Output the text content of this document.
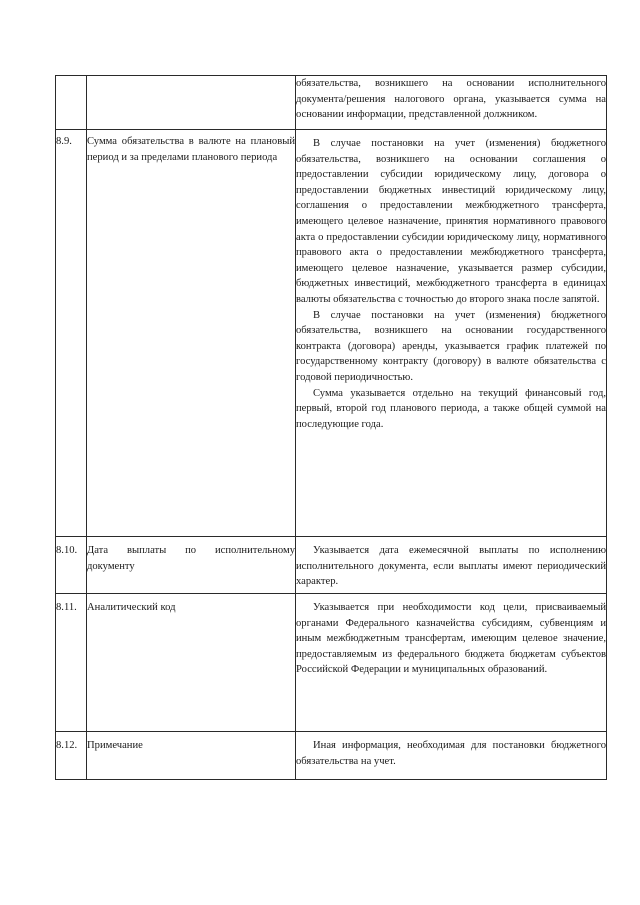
		обязательства, возникшего на основании исполнительного документа/решения налогового органа, указывается сумма на основании информации, представленной должником.

8.9.	Сумма обязательства в валюте на плановый период и за пределами планового периода	В случае постановки на учет (изменения) бюджетного обязательства, возникшего на основании соглашения о предоставлении субсидии юридическому лицу, договора о предоставлении бюджетных инвестиций юридическому лицу, соглашения о предоставлении межбюджетного трансферта, имеющего целевое назначение, принятия нормативного правового акта о предоставлении субсидии юридическому лицу, нормативного правового акта о предоставлении межбюджетного трансферта, имеющего целевое назначение, указывается размер субсидии, бюджетных инвестиций, межбюджетного трансферта в единицах валюты обязательства с точностью до второго знака после запятой.

В случае постановки на учет (изменения) бюджетного обязательства, возникшего на основании государственного контракта (договора) аренды, указывается график платежей по государственному контракту (договору) в валюте обязательства с годовой периодичностью.

Сумма указывается отдельно на текущий финансовый год, первый, второй год планового периода, а также общей суммой на последующие года.

8.10.	Дата выплаты по исполнительному документу	Указывается дата ежемесячной выплаты по исполнению исполнительного документа, если выплаты имеют периодический характер.

8.11.	Аналитический код	Указывается при необходимости код цели, присваиваемый органами Федерального казначейства субсидиям, субвенциям и иным межбюджетным трансфертам, имеющим целевое значение, предоставляемым из федерального бюджета бюджетам субъектов Российской Федерации и муниципальных образований.

8.12.	Примечание	Иная информация, необходимая для постановки бюджетного обязательства на учет.
